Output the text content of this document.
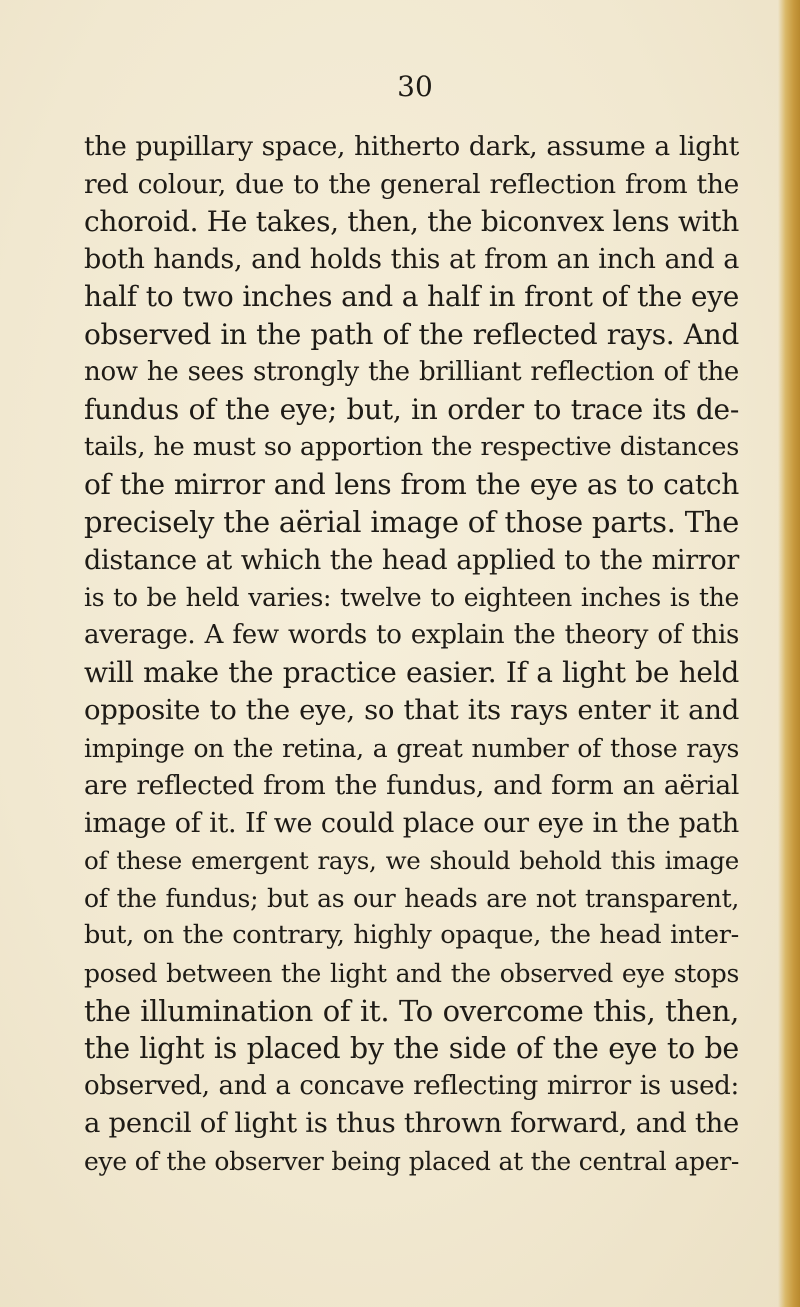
30
the pupillary space, hitherto dark, assume a light
red colour, due to the general reflection from the
choroid. He takes, then, the biconvex lens with
both hands, and holds this at from an inch and a
half to two inches and a half in front of the eye
observed in the path of the reflected rays. And
now he sees strongly the brilliant reflection of the
fundus of the eye; but, in order to trace its de-
tails, he must so apportion the respective distances
of the mirror and lens from the eye as to catch
precisely the aërial image of those parts. The
distance at which the head applied to the mirror
is to be held varies: twelve to eighteen inches is the
average. A few words to explain the theory of this
will make the practice easier. If a light be held
opposite to the eye, so that its rays enter it and
impinge on the retina, a great number of those rays
are reflected from the fundus, and form an aërial
image of it. If we could place our eye in the path
of these emergent rays, we should behold this image
of the fundus; but as our heads are not transparent,
but, on the contrary, highly opaque, the head inter-
posed between the light and the observed eye stops
the illumination of it. To overcome this, then,
the light is placed by the side of the eye to be
observed, and a concave reflecting mirror is used:
a pencil of light is thus thrown forward, and the
eye of the observer being placed at the central aper-
